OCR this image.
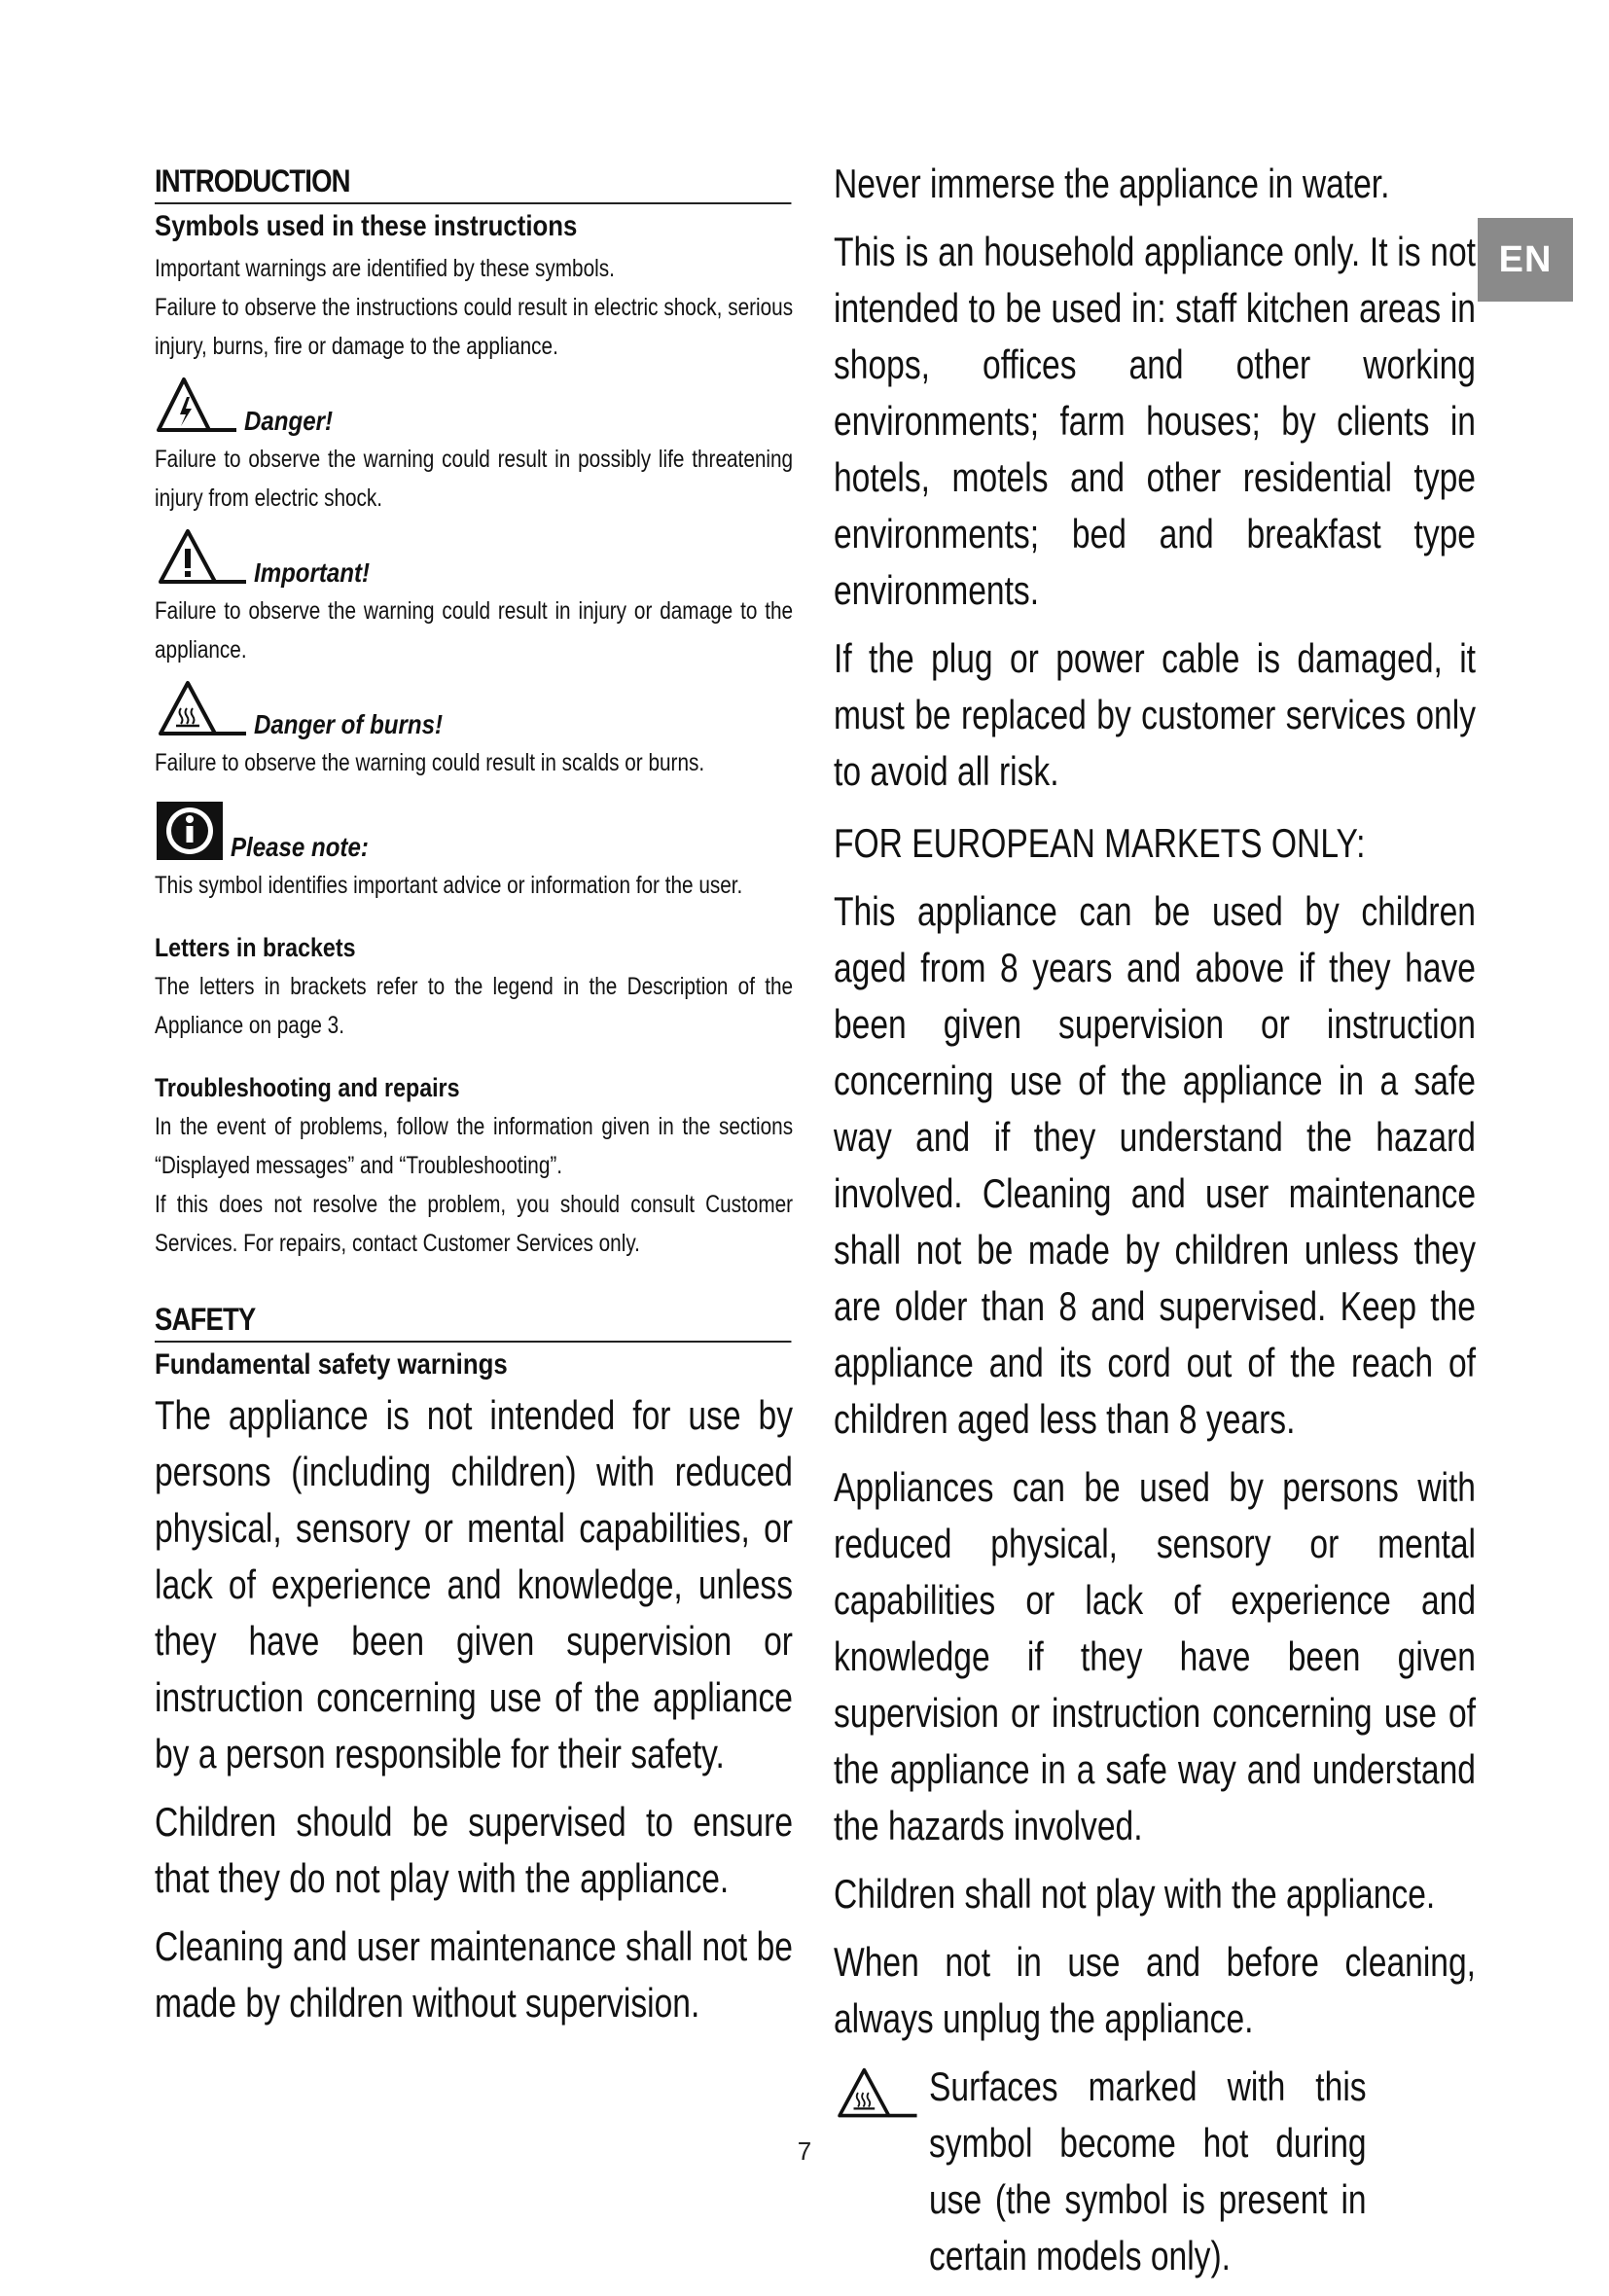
EN
INTRODUCTION
Symbols used in these instructions

Important warnings are identified by these symbols.

Failure to observe the instructions could result in electric shock, serious injury, burns, fire or damage to the appliance.

Danger!

Failure to observe the warning could result in possibly life threatening injury from electric shock.

Important!

Failure to observe the warning could result in injury or damage to the appliance.

Danger of burns!

Failure to observe the warning could result in scalds or burns.

Please note:

This symbol identifies important advice or information for the user.

Letters in brackets

The letters in brackets refer to the legend in the Description of the Appliance on page 3.

Troubleshooting and repairs

In the event of problems, follow the information given in the sections “Displayed messages” and “Troubleshooting”.

If this does not resolve the problem, you should consult Customer Services. For repairs, contact Customer Services only.

SAFETY
Fundamental safety warnings

The appliance is not intended for use by persons (including children) with reduced physical, sensory or mental capabilities, or lack of experience and knowledge, unless they have been given supervision or instruction concerning use of the appliance by a person responsible for their safety.

Children should be supervised to ensure that they do not play with the appliance.

Cleaning and user maintenance shall not be made by children without supervision.

Never immerse the appliance in water.

This is an household appliance only. It is not intended to be used in: staff kitchen areas in shops, offices and other working environments; farm houses; by clients in hotels, motels and other residential type environments; bed and breakfast type environments.

If the plug or power cable is damaged, it must be replaced by customer services only to avoid all risk.

FOR EUROPEAN MARKETS ONLY:

This appliance can be used by children aged from 8 years and above if they have been given supervision or instruction concerning use of the appliance in a safe way and if they understand the hazard involved. Cleaning and user maintenance shall not be made by children unless they are older than 8 and supervised. Keep the appliance and its cord out of the reach of children aged less than 8 years.

Appliances can be used by persons with reduced physical, sensory or mental capabilities or lack of experience and knowledge if they have been given supervision or instruction concerning use of the appliance in a safe way and understand the hazards involved.

Children shall not play with the appliance.

When not in use and before cleaning, always unplug the appliance.

Surfaces marked with this symbol become hot during use (the symbol is present in certain models only).

7
